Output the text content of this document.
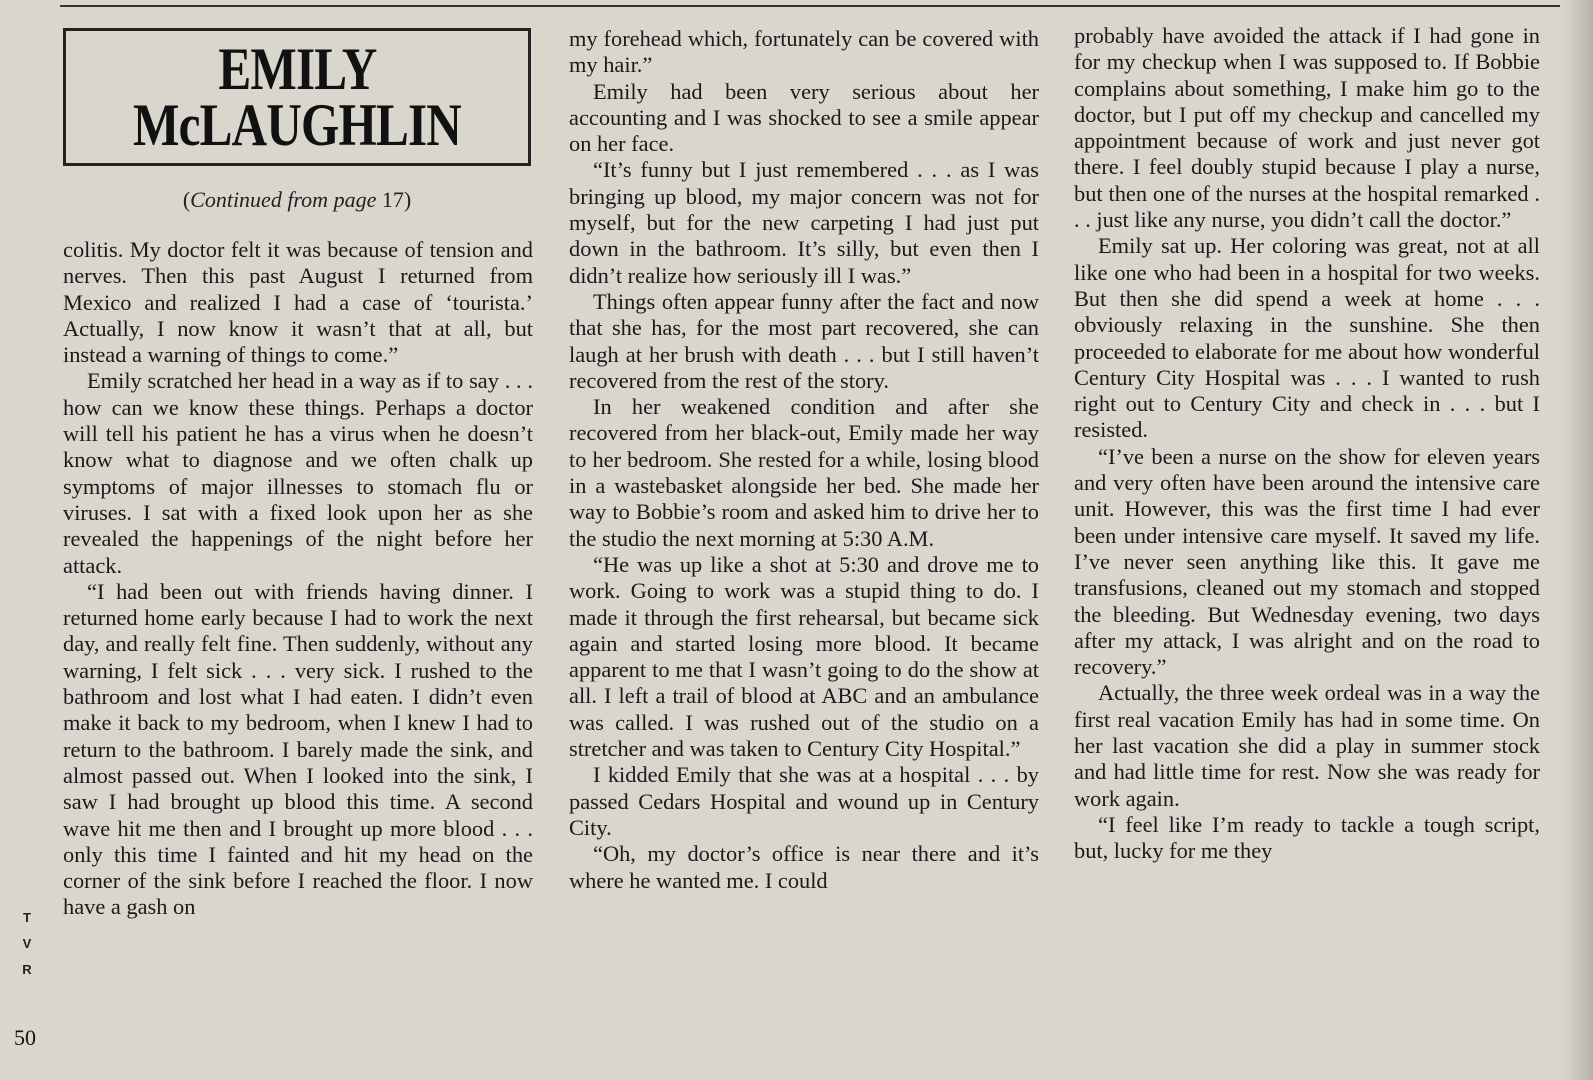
EMILY
McLAUGHLIN
(Continued from page 17)

colitis. My doctor felt it was because of tension and nerves. Then this past August I returned from Mexico and realized I had a case of ‘tourista.’ Actually, I now know it wasn’t that at all, but instead a warning of things to come.”

Emily scratched her head in a way as if to say . . . how can we know these things. Perhaps a doctor will tell his patient he has a virus when he doesn’t know what to diagnose and we often chalk up symptoms of major illnesses to stomach flu or viruses. I sat with a fixed look upon her as she revealed the happenings of the night before her attack.

“I had been out with friends having dinner. I returned home early because I had to work the next day, and really felt fine. Then suddenly, without any warning, I felt sick . . . very sick. I rushed to the bathroom and lost what I had eaten. I didn’t even make it back to my bedroom, when I knew I had to return to the bathroom. I barely made the sink, and almost passed out. When I looked into the sink, I saw I had brought up blood this time. A second wave hit me then and I brought up more blood . . . only this time I fainted and hit my head on the corner of the sink before I reached the floor. I now have a gash on

my forehead which, fortunately can be covered with my hair.”

Emily had been very serious about her accounting and I was shocked to see a smile appear on her face.

“It’s funny but I just remembered . . . as I was bringing up blood, my major concern was not for myself, but for the new carpeting I had just put down in the bathroom. It’s silly, but even then I didn’t realize how seriously ill I was.”

Things often appear funny after the fact and now that she has, for the most part recovered, she can laugh at her brush with death . . . but I still haven’t recovered from the rest of the story.

In her weakened condition and after she recovered from her black-out, Emily made her way to her bedroom. She rested for a while, losing blood in a wastebasket alongside her bed. She made her way to Bobbie’s room and asked him to drive her to the studio the next morning at 5:30 A.M.

“He was up like a shot at 5:30 and drove me to work. Going to work was a stupid thing to do. I made it through the first rehearsal, but became sick again and started losing more blood. It became apparent to me that I wasn’t going to do the show at all. I left a trail of blood at ABC and an ambulance was called. I was rushed out of the studio on a stretcher and was taken to Century City Hospital.”

I kidded Emily that she was at a hospital . . . by passed Cedars Hospital and wound up in Century City.

“Oh, my doctor’s office is near there and it’s where he wanted me. I could

probably have avoided the attack if I had gone in for my checkup when I was supposed to. If Bobbie complains about something, I make him go to the doctor, but I put off my checkup and cancelled my appointment because of work and just never got there. I feel doubly stupid because I play a nurse, but then one of the nurses at the hospital remarked . . . just like any nurse, you didn’t call the doctor.”

Emily sat up. Her coloring was great, not at all like one who had been in a hospital for two weeks. But then she did spend a week at home . . . obviously relaxing in the sunshine. She then proceeded to elaborate for me about how wonderful Century City Hospital was . . . I wanted to rush right out to Century City and check in . . . but I resisted.

“I’ve been a nurse on the show for eleven years and very often have been around the intensive care unit. However, this was the first time I had ever been under intensive care myself. It saved my life. I’ve never seen anything like this. It gave me transfusions, cleaned out my stomach and stopped the bleeding. But Wednesday evening, two days after my attack, I was alright and on the road to recovery.”

Actually, the three week ordeal was in a way the first real vacation Emily has had in some time. On her last vacation she did a play in summer stock and had little time for rest. Now she was ready for work again.

“I feel like I’m ready to tackle a tough script, but, lucky for me they

T
V
R
50
